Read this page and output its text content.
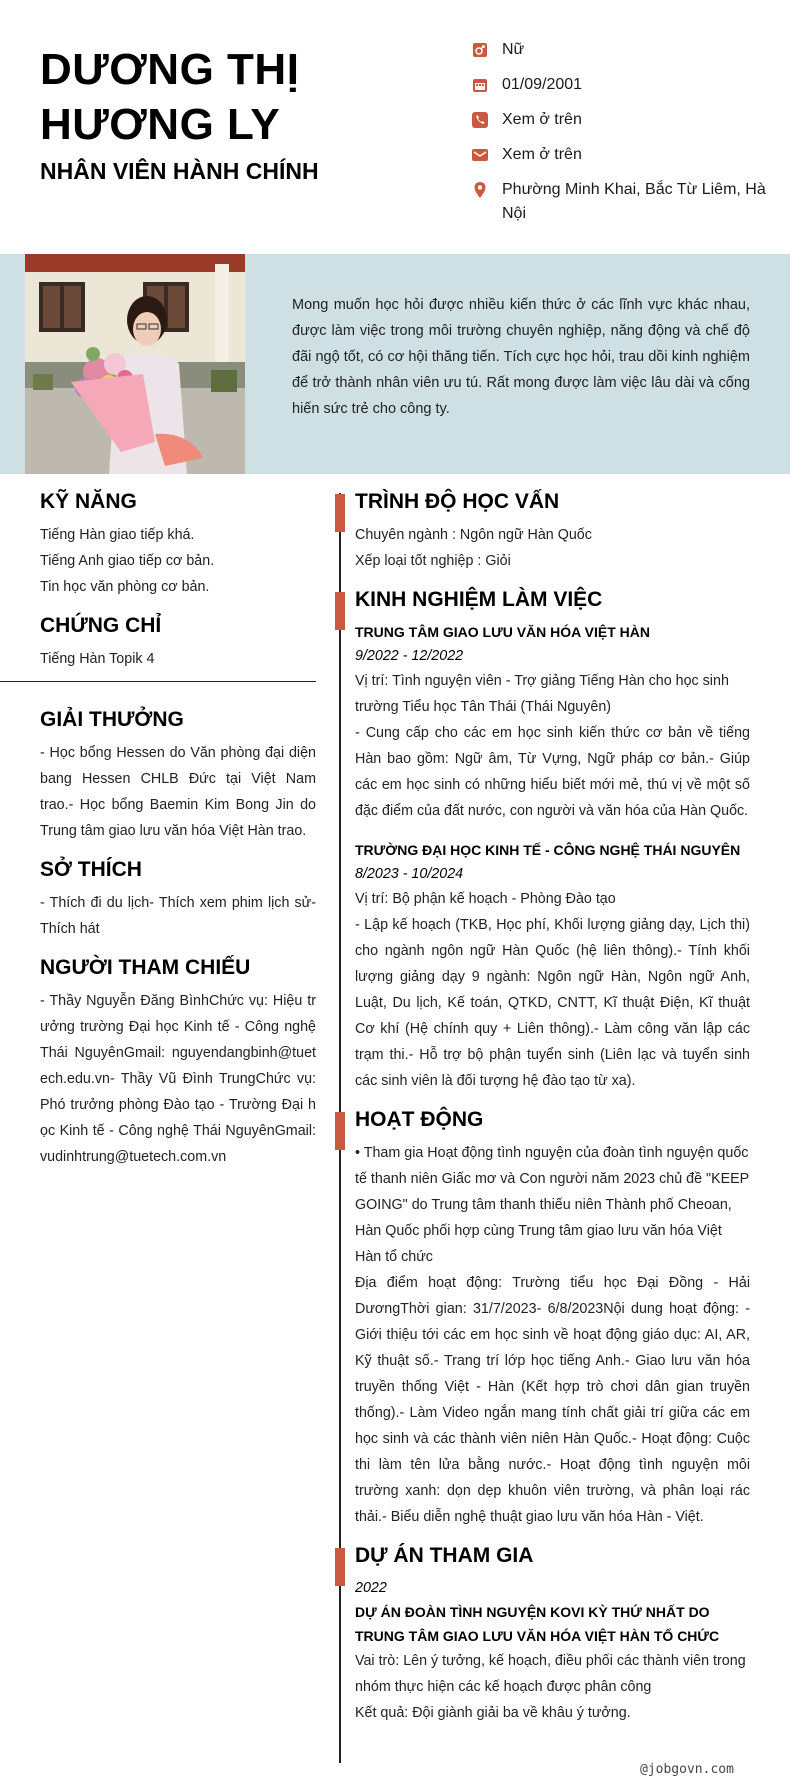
DƯƠNG THỊ
HƯƠNG LY
NHÂN VIÊN HÀNH CHÍNH
Nữ
01/09/2001
Xem ở trên
Xem ở trên
Phường Minh Khai, Bắc Từ Liêm, Hà Nội
Mong muốn học hỏi được nhiều kiến thức ở các lĩnh vực khác nhau, được làm việc trong môi trường chuyên nghiệp, năng động và chế độ đãi ngộ tốt, có cơ hội thăng tiến. Tích cực học hỏi, trau dồi kinh nghiệm để trở thành nhân viên ưu tú. Rất mong được làm việc lâu dài và cống hiến sức trẻ cho công ty.
KỸ NĂNG
Tiếng Hàn giao tiếp khá.
Tiếng Anh giao tiếp cơ bản.
Tin học văn phòng cơ bản.
CHỨNG CHỈ
Tiếng Hàn Topik 4
GIẢI THƯỞNG
- Học bổng Hessen do Văn phòng đại diện bang Hessen CHLB Đức tại Việt Nam trao.- Học bổng Baemin Kim Bong Jin do Trung tâm giao lưu văn hóa Việt Hàn trao.
SỞ THÍCH
- Thích đi du lịch- Thích xem phim lịch sử- Thích hát
NGƯỜI THAM CHIẾU
- Thầy Nguyễn Đăng BìnhChức vụ: Hiệu trưởng trường Đại học Kinh tế - Công nghệ Thái NguyênGmail: nguyendangbinh@tuetech.edu.vn- Thầy Vũ Đình TrungChức vụ: Phó trưởng phòng Đào tạo - Trường Đại học Kinh tế - Công nghệ Thái NguyênGmail: vudinhtrung@tuetech.com.vn
TRÌNH ĐỘ HỌC VẤN
Chuyên ngành : Ngôn ngữ Hàn Quốc
Xếp loại tốt nghiệp : Giỏi
KINH NGHIỆM LÀM VIỆC
TRUNG TÂM GIAO LƯU VĂN HÓA VIỆT HÀN
9/2022 - 12/2022
Vị trí: Tình nguyện viên - Trợ giảng Tiếng Hàn cho học sinh trường Tiểu học Tân Thái (Thái Nguyên)
- Cung cấp cho các em học sinh kiến thức cơ bản về tiếng Hàn bao gồm: Ngữ âm, Từ Vựng, Ngữ pháp cơ bản.- Giúp các em học sinh có những hiểu biết mới mẻ, thú vị về một số đặc điểm của đất nước, con người và văn hóa của Hàn Quốc.
TRƯỜNG ĐẠI HỌC KINH TẾ - CÔNG NGHỆ THÁI NGUYÊN
8/2023 - 10/2024
Vị trí: Bộ phận kế hoạch - Phòng Đào tạo
- Lập kế hoạch (TKB, Học phí, Khối lượng giảng dạy, Lịch thi) cho ngành ngôn ngữ Hàn Quốc (hệ liên thông).- Tính khối lượng giảng dạy 9 ngành: Ngôn ngữ Hàn, Ngôn ngữ Anh, Luật, Du lịch, Kế toán, QTKD, CNTT, Kĩ thuật Điện, Kĩ thuật Cơ khí (Hệ chính quy + Liên thông).- Làm công văn lập các trạm thi.- Hỗ trợ bộ phận tuyển sinh (Liên lạc và tuyển sinh các sinh viên là đối tượng hệ đào tạo từ xa).
HOẠT ĐỘNG
• Tham gia Hoạt động tình nguyện của đoàn tình nguyện quốc tế thanh niên Giấc mơ và Con người năm 2023 chủ đề "KEEP GOING" do Trung tâm thanh thiếu niên Thành phố Cheoan, Hàn Quốc phối hợp cùng Trung tâm giao lưu văn hóa Việt Hàn tổ chức
Địa điểm hoạt động: Trường tiểu học Đại Đồng - Hải DươngThời gian: 31/7/2023- 6/8/2023Nội dung hoạt động: - Giới thiệu tới các em học sinh về hoạt động giáo dục: AI, AR, Kỹ thuật số.- Trang trí lớp học tiếng Anh.- Giao lưu văn hóa truyền thống Việt - Hàn (Kết hợp trò chơi dân gian truyền thống).- Làm Video ngắn mang tính chất giải trí giữa các em học sinh và các thành viên niên Hàn Quốc.- Hoạt động: Cuộc thi làm tên lửa bằng nước.- Hoạt động tình nguyện môi trường xanh: dọn dẹp khuôn viên trường, và phân loại rác thải.- Biểu diễn nghệ thuật giao lưu văn hóa Hàn - Việt.
DỰ ÁN THAM GIA
2022
DỰ ÁN ĐOÀN TÌNH NGUYỆN KOVI KỲ THỨ NHẤT DO TRUNG TÂM GIAO LƯU VĂN HÓA VIỆT HÀN TỔ CHỨC
Vai trò: Lên ý tưởng, kế hoạch, điều phối các thành viên trong nhóm thực hiện các kế hoạch được phân công
Kết quả: Đội giành giải ba về khâu ý tưởng.
@jobgovn.com
